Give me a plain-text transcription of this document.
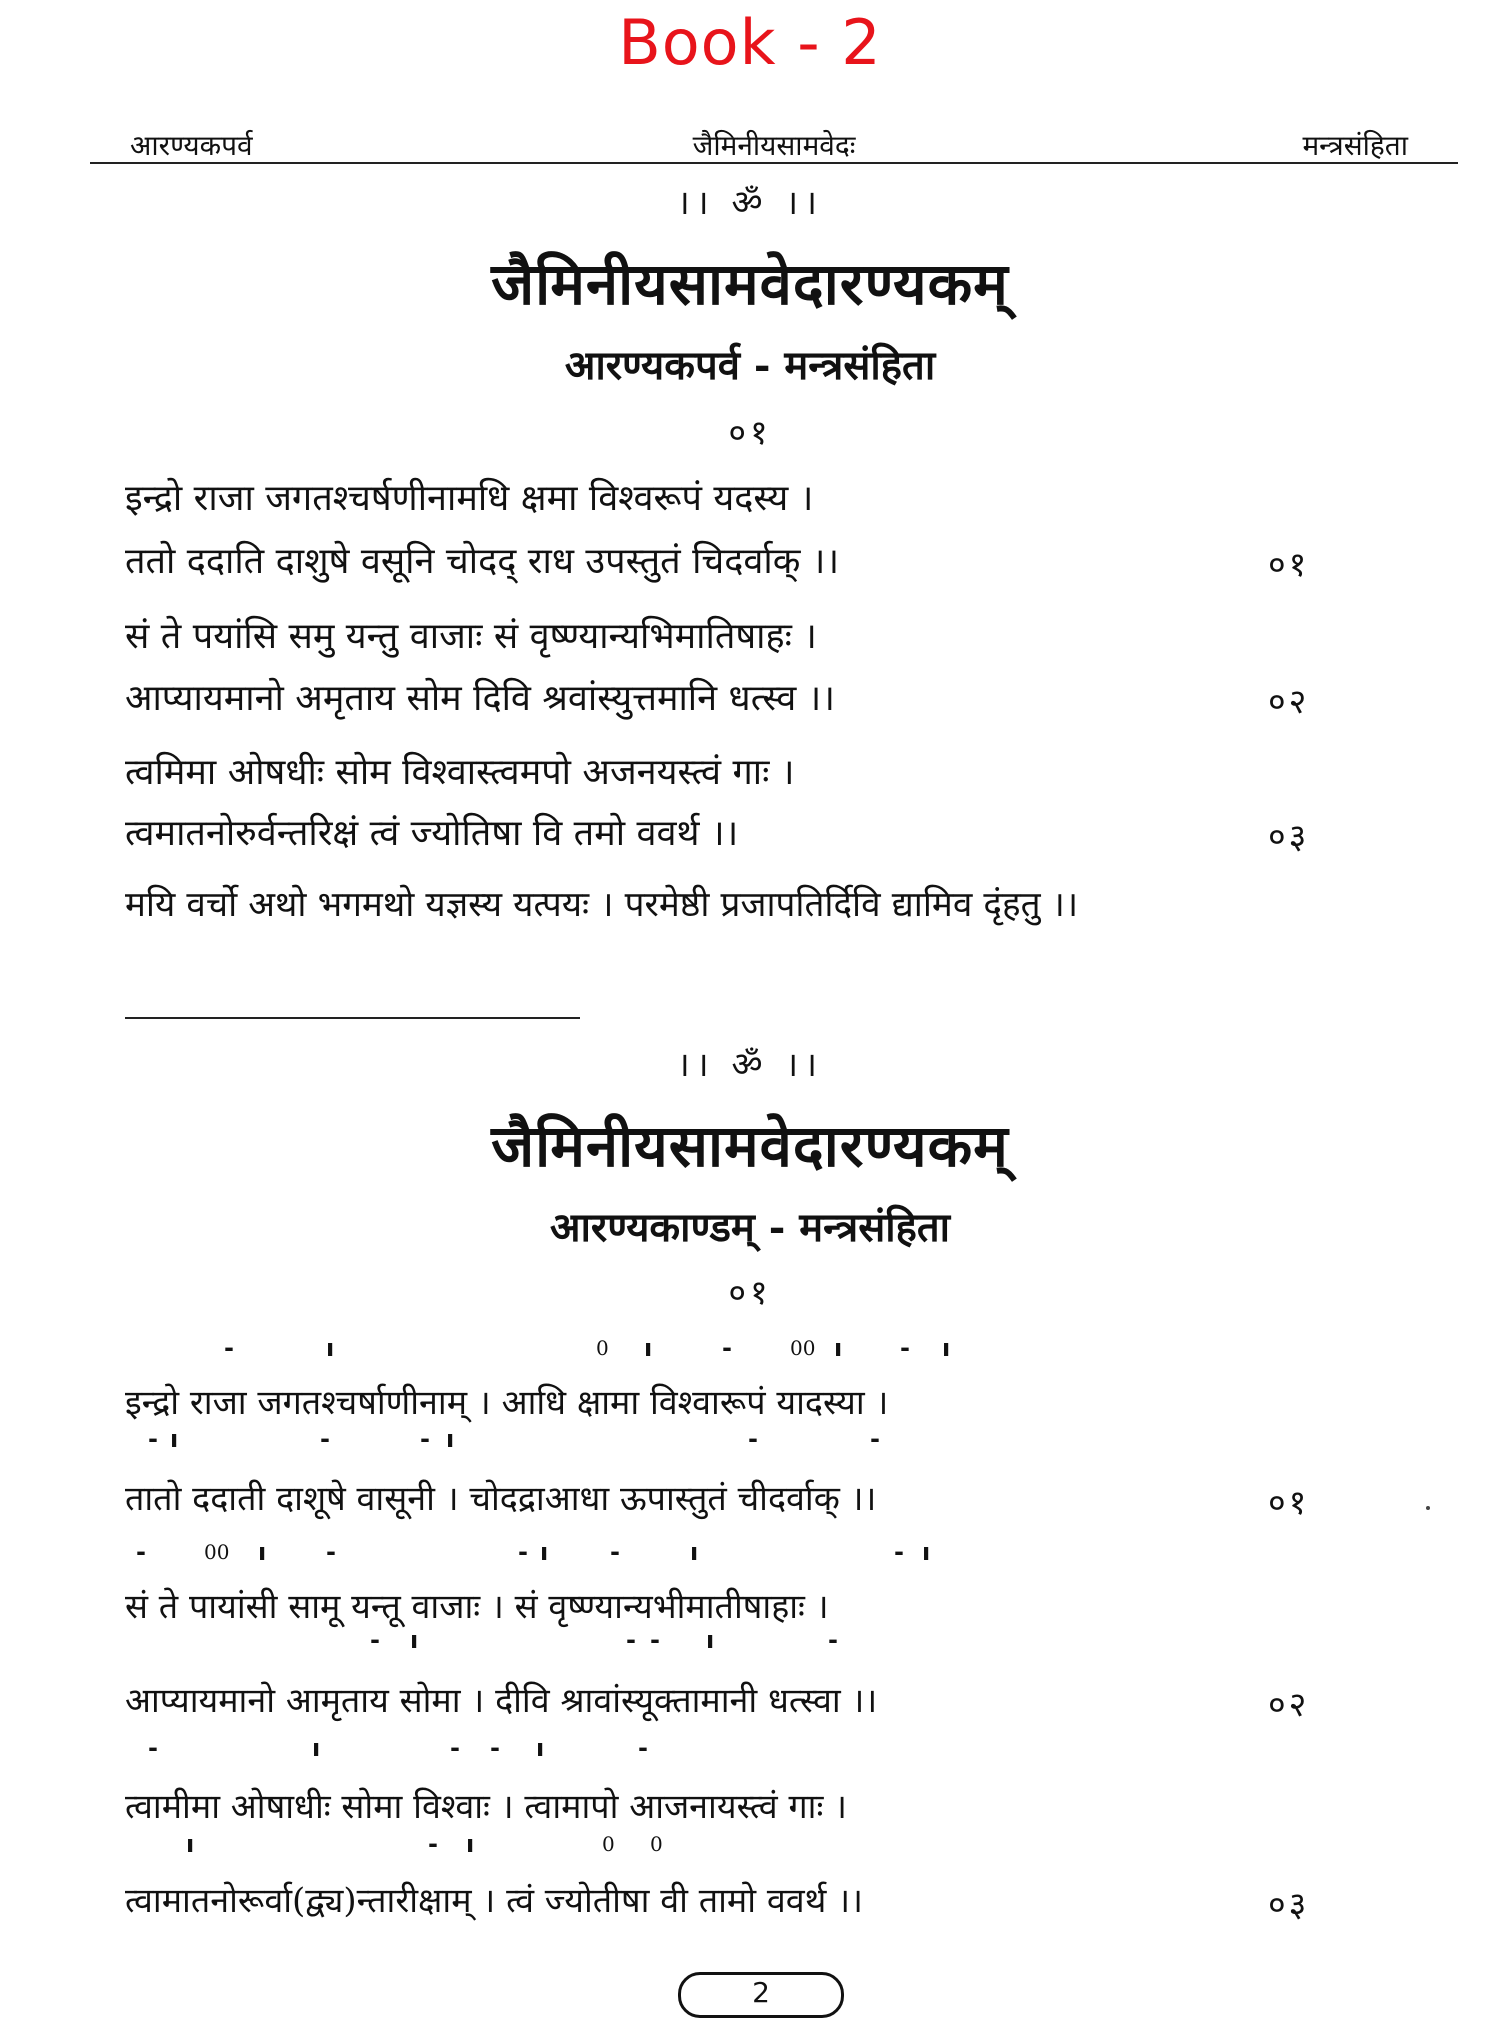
Book - 2
आरण्यकपर्व	जैमिनीयसामवेदः	मन्त्रसंहिता
।। ॐ ।।
जैमिनीयसामवेदारण्यकम्
आरण्यकपर्व - मन्त्रसंहिता
०१
इन्द्रो राजा जगतश्चर्षणीनामधि क्षमा विश्वरूपं यदस्य ।
ततो ददाति दाशुषे वसूनि चोदद् राध उपस्तुतं चिदर्वाक् ।।	०१
सं ते पयांसि समु यन्तु वाजाः सं वृष्ण्यान्यभिमातिषाहः ।
आप्यायमानो अमृताय सोम दिवि श्रवांस्युत्तमानि धत्स्व ।।	०२
त्वमिमा ओषधीः सोम विश्वास्त्वमपो अजनयस्त्वं गाः ।
त्वमातनोरुर्वन्तरिक्षं त्वं ज्योतिषा वि तमो ववर्थ ।।	०३
मयि वर्चो अथो भगमथो यज्ञस्य यत्पयः । परमेष्ठी प्रजापतिर्दिवि द्यामिव दृंहतु ।।
।। ॐ ।।
जैमिनीयसामवेदारण्यकम्
आरण्यकाण्डम् - मन्त्रसंहिता
०१
-	ı	0 ı	-	00 ı - ı
इन्द्रो राजा जगतश्चर्षाणीनाम् । आधि क्षामा विश्वारूपं यादस्या ।
- ı	-	- ı	-	-
तातो ददाती दाशूषे वासूनी । चोदद्राआधा ऊपास्तुतं चीदर्वाक् ।।	०१
-	00 ı -	- ı	-	ı	- ı
सं ते पायांसी सामू यन्तू वाजाः । सं वृष्ण्यान्यभीमातीषाहाः ।
- ı	- - ı	-
आप्यायमानो आमृताय सोमा । दीवि श्रावांस्यूक्तामानी धत्स्वा ।।	०२
-	ı	- - ı	-
त्वामीमा ओषाधीः सोमा विश्वाः । त्वामापो आजनायस्त्वं गाः ।
ı	- ı	0 0
त्वामातनोरूर्वा(द्व्य)न्तारीक्षाम् । त्वं ज्योतीषा वी तामो ववर्थ ।।	०३
2
